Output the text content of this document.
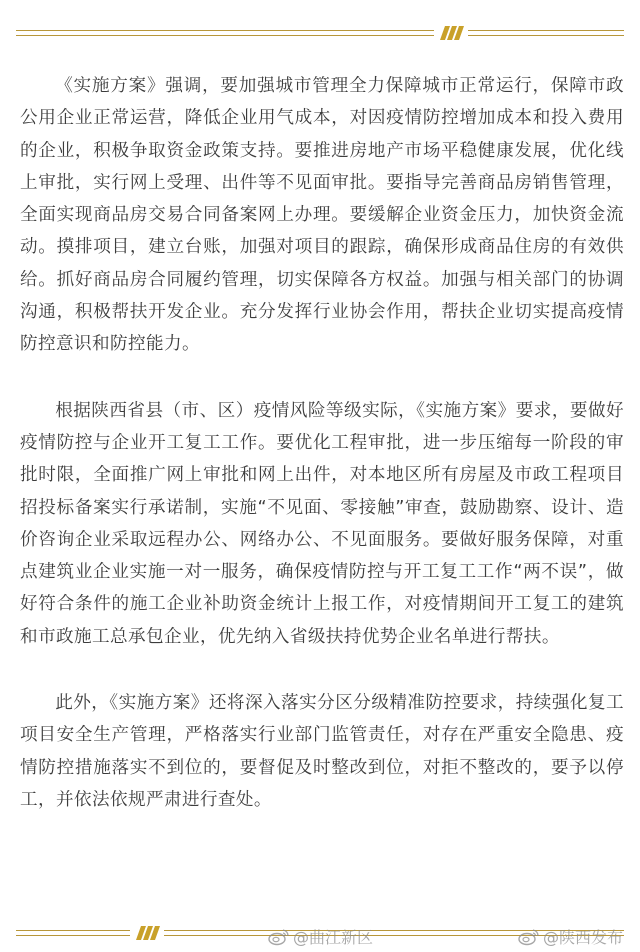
《实施方案》强调，要加强城市管理全力保障城市正常运行，保障市政公用企业正常运营，降低企业用气成本，对因疫情防控增加成本和投入费用的企业，积极争取资金政策支持。要推进房地产市场平稳健康发展，优化线上审批，实行网上受理、出件等不见面审批。要指导完善商品房销售管理，全面实现商品房交易合同备案网上办理。要缓解企业资金压力，加快资金流动。摸排项目，建立台账，加强对项目的跟踪，确保形成商品住房的有效供给。抓好商品房合同履约管理，切实保障各方权益。加强与相关部门的协调沟通，积极帮扶开发企业。充分发挥行业协会作用，帮扶企业切实提高疫情防控意识和防控能力。

根据陕西省县（市、区）疫情风险等级实际，《实施方案》要求，要做好疫情防控与企业开工复工工作。要优化工程审批，进一步压缩每一阶段的审批时限，全面推广网上审批和网上出件，对本地区所有房屋及市政工程项目招投标备案实行承诺制，实施“不见面、零接触”审查，鼓励勘察、设计、造价咨询企业采取远程办公、网络办公、不见面服务。要做好服务保障，对重点建筑业企业实施一对一服务，确保疫情防控与开工复工工作“两不误”，做好符合条件的施工企业补助资金统计上报工作，对疫情期间开工复工的建筑和市政施工总承包企业，优先纳入省级扶持优势企业名单进行帮扶。

此外，《实施方案》还将深入落实分区分级精准防控要求，持续强化复工项目安全生产管理，严格落实行业部门监管责任，对存在严重安全隐患、疫情防控措施落实不到位的，要督促及时整改到位，对拒不整改的，要予以停工，并依法依规严肃进行查处。

@曲江新区	@陕西发布
